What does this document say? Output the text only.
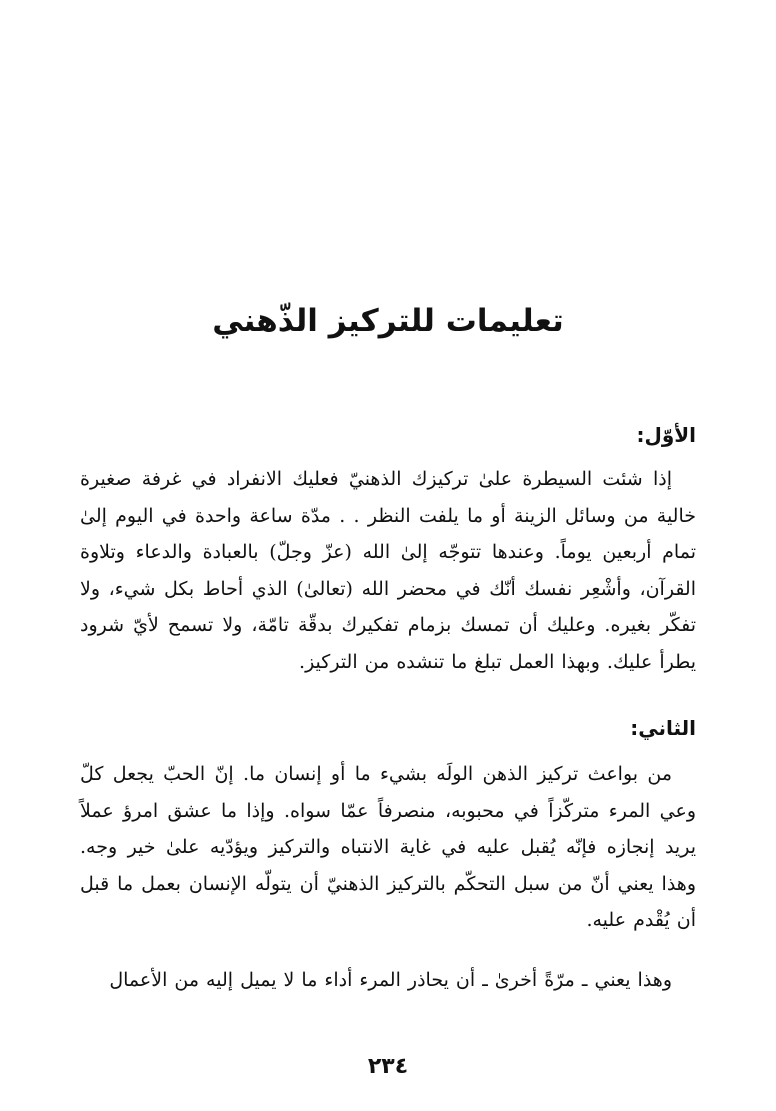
تعليمات للتركيز الذّهني
الأوّل:

إذا شئت السيطرة علىٰ تركيزك الذهنيّ فعليك الانفراد في غرفة صغيرة خالية من وسائل الزينة أو ما يلفت النظر . . مدّة ساعة واحدة في اليوم إلىٰ تمام أربعين يوماً. وعندها تتوجّه إلىٰ الله (عزّ وجلّ) بالعبادة والدعاء وتلاوة القرآن، وأشْعِر نفسك أنّك في محضر الله (تعالىٰ) الذي أحاط بكل شيء، ولا تفكّر بغيره. وعليك أن تمسك بزمام تفكيرك بدقّة تامّة، ولا تسمح لأيّ شرود يطرأ عليك. وبهذا العمل تبلغ ما تنشده من التركيز.

الثاني:

من بواعث تركيز الذهن الولَه بشيء ما أو إنسان ما. إنّ الحبّ يجعل كلّ وعي المرء متركّزاً في محبوبه، منصرفاً عمّا سواه. وإذا ما عشق امرؤ عملاً يريد إنجازه فإنّه يُقبل عليه في غاية الانتباه والتركيز ويؤدّيه علىٰ خير وجه. وهذا يعني أنّ من سبل التحكّم بالتركيز الذهنيّ أن يتولّه الإنسان بعمل ما قبل أن يُقْدم عليه.

وهذا يعني ـ مرّةً أخرىٰ ـ أن يحاذر المرء أداء ما لا يميل إليه من الأعمال

٢٣٤
